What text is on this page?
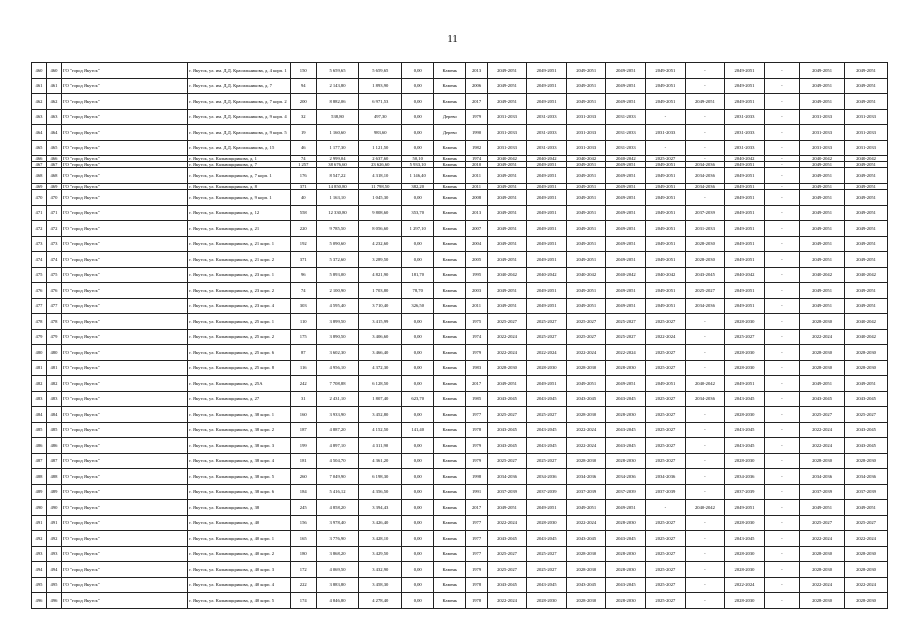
11
460	460	ГО "город Якутск"	г. Якутск, ул. им. Д.Д. Красильникова, д. 4 корп. 1	150	5 659,65	5 659,65	0,00	Камень	2013	2049-2051	2049-2051	2049-2051	2049-2051	2049-2051	-	2049-2051	-	2049-2051	2049-2051
461	461	ГО "город Якутск"	г. Якутск, ул. им. Д.Д. Красильникова, д. 7	94	2 143,80	1 893,90	0,00	Камень	2006	2049-2051	2049-2051	2049-2051	2049-2051	2049-2051	-	2049-2051	-	2049-2051	2049-2051
462	462	ГО "город Якутск"	г. Якутск, ул. им. Д.Д. Красильникова, д. 7 корп. 2	200	8 882,06	6 971,53	0,00	Камень	2017	2049-2051	2049-2051	2049-2051	2049-2051	2049-2051	2049-2051	2049-2051	-	2049-2051	2049-2051
463	463	ГО "город Якутск"	г. Якутск, ул. им. Д.Д. Красильникова, д. 9 корп. 4	32	538,80	497,30	0,00	Дерево	1979	2031-2033	2031-2033	2031-2033	2031-2033	-	-	2031-2033	-	2031-2033	2031-2033
464	464	ГО "город Якутск"	г. Якутск, ул. им. Д.Д. Красильникова, д. 9 корп. 5	19	1 160,60	983,60	0,00	Дерево	1990	2031-2033	2031-2033	2031-2033	2031-2033	2031-2033	-	2031-2033	-	2031-2033	2031-2033
465	465	ГО "город Якутск"	г. Якутск, ул. им. Д.Д. Красильникова, д. 15	46	1 177,30	1 121,50	0,00	Камень	1982	2031-2033	2031-2033	2031-2033	2031-2033	-	-	2031-2033	-	2031-2033	2031-2033
466	466	ГО "город Якутск"	г. Якутск, ул. Кальвицкрикова, д. 1	74	2 999,04	2 637,60	50,10	Камень	1974	2040-2042	2040-2042	2040-2042	2040-2042	2025-2027	-	2040-2042	-	2040-2042	2040-2042
467	467	ГО "город Якутск"	г. Якутск, ул. Кальвицкрикова, д. 7	1 257	38 676,60	23 626,60	5 933,10	Камень	2010	2049-2051	2049-2051	2049-2051	2049-2051	2049-2051	2034-2036	2049-2051	-	2049-2051	2049-2051
468	468	ГО "город Якутск"	г. Якутск, ул. Кальвицкрикова, д. 7 корп. 1	176	8 547,22	4 318,10	1 146,40	Камень	2011	2049-2051	2049-2051	2049-2051	2049-2051	2049-2051	2034-2036	2049-2051	-	2049-2051	2049-2051
469	469	ГО "город Якутск"	г. Якутск, ул. Кальвицкрикова, д. 8	371	14 850,80	11 798,50	382,20	Камень	2011	2049-2051	2049-2051	2049-2051	2049-2051	2049-2051	2034-2036	2049-2051	-	2049-2051	2049-2051
470	470	ГО "город Якутск"	г. Якутск, ул. Кальвицкрикова, д. 9 корп. 1	40	1 163,10	1 045,30	0,00	Камень	2008	2049-2051	2049-2051	2049-2051	2049-2051	2049-2051	-	2049-2051	-	2049-2051	2049-2051
471	471	ГО "город Якутск"	г. Якутск, ул. Кальвицкрикова, д. 12	558	12 330,80	9 808,60	353,70	Камень	2013	2049-2051	2049-2051	2049-2051	2049-2051	2049-2051	2037-2039	2049-2051	-	2049-2051	2049-2051
472	472	ГО "город Якутск"	г. Якутск, ул. Кальвицкрикова, д. 21	220	9 785,50	8 056,60	1 297,10	Камень	2007	2049-2051	2049-2051	2049-2051	2049-2051	2049-2051	2031-2033	2049-2051	-	2049-2051	2049-2051
473	473	ГО "город Якутск"	г. Якутск, ул. Кальвицкрикова, д. 21 корп. 1	192	5 090,60	4 232,60	0,00	Камень	2004	2049-2051	2049-2051	2049-2051	2049-2051	2049-2051	2028-2030	2049-2051	-	2049-2051	2049-2051
474	474	ГО "город Якутск"	г. Якутск, ул. Кальвицкрикова, д. 21 корп. 2	371	5 372,60	3 289,50	0,00	Камень	2005	2049-2051	2049-2051	2049-2051	2049-2051	2049-2051	2028-2030	2049-2051	-	2049-2051	2049-2051
475	475	ГО "город Якутск"	г. Якутск, ул. Кальвицкрикова, д. 23 корп. 1	96	5 893,00	4 821,90	181,70	Камень	1995	2040-2042	2040-2042	2040-2042	2040-2042	2040-2042	2043-2045	2040-2042	-	2040-2042	2040-2042
476	476	ГО "город Якутск"	г. Якутск, ул. Кальвицкрикова, д. 23 корп. 2	74	2 100,90	1 703,80	78,70	Камень	2003	2049-2051	2049-2051	2049-2051	2049-2051	2049-2051	2025-2027	2049-2051	-	2049-2051	2049-2051
477	477	ГО "город Якутск"	г. Якутск, ул. Кальвицкрикова, д. 23 корп. 4	303	4 595,40	3 710,40	326,50	Камень	2011	2049-2051	2049-2051	2049-2051	2049-2051	2049-2051	2034-2036	2049-2051	-	2049-2051	2049-2051
478	478	ГО "город Якутск"	г. Якутск, ул. Кальвицкрикова, д. 25 корп. 1	110	3 899,50	3 415,99	0,00	Камень	1975	2025-2027	2025-2027	2025-2027	2025-2027	2025-2027	-	2028-2030	-	2028-2030	2040-2042
479	479	ГО "город Якутск"	г. Якутск, ул. Кальвицкрикова, д. 25 корп. 2	175	3 890,50	3 406,60	0,00	Камень	1974	2022-2024	2025-2027	2025-2027	2025-2027	2022-2024	-	2025-2027	-	2022-2024	2040-2042
480	480	ГО "город Якутск"	г. Якутск, ул. Кальвицкрикова, д. 25 корп. 6	87	3 602,30	3 466,40	0,00	Камень	1979	2022-2024	2022-2024	2022-2024	2022-2024	2025-2027	-	2028-2030	-	2028-2030	2028-2030
481	481	ГО "город Якутск"	г. Якутск, ул. Кальвицкрикова, д. 25 корп. 8	116	4 956,10	4 372,30	0,00	Камень	1983	2028-2030	2028-2030	2028-2030	2028-2030	2025-2027	-	2028-2030	-	2028-2030	2028-2030
482	482	ГО "город Якутск"	г. Якутск, ул. Кальвицкрикова, д. 25А	242	7 708,88	6 128,50	0,00	Камень	2017	2049-2051	2049-2051	2049-2051	2049-2051	2049-2051	2040-2042	2049-2051	-	2049-2051	2049-2051
483	483	ГО "город Якутск"	г. Якутск, ул. Кальвицкрикова, д. 27	31	2 431,10	1 807,40	623,70	Камень	1985	2043-2045	2043-2045	2043-2045	2043-2045	2025-2027	2034-2036	2043-2045	-	2043-2045	2043-2045
484	484	ГО "город Якутск"	г. Якутск, ул. Кальвицкрикова, д. 38 корп. 1	160	3 933,90	3 452,80	0,00	Камень	1977	2025-2027	2025-2027	2028-2030	2028-2030	2025-2027	-	2028-2030	-	2025-2027	2025-2027
485	485	ГО "город Якутск"	г. Якутск, ул. Кальвицкрикова, д. 38 корп. 2	187	4 887,20	4 152,50	141,40	Камень	1978	2043-2045	2043-2045	2022-2024	2043-2045	2025-2027	-	2043-2045	-	2022-2024	2043-2045
486	486	ГО "город Якутск"	г. Якутск, ул. Кальвицкрикова, д. 38 корп. 3	199	4 897,10	4 311,90	0,00	Камень	1979	2043-2045	2043-2045	2022-2024	2043-2045	2025-2027	-	2043-2045	-	2022-2024	2043-2045
487	487	ГО "город Якутск"	г. Якутск, ул. Кальвицкрикова, д. 38 корп. 4	181	4 504,70	4 361,20	0,00	Камень	1979	2025-2027	2025-2027	2028-2030	2028-2030	2025-2027	-	2028-2030	-	2028-2030	2028-2030
488	488	ГО "город Якутск"	г. Якутск, ул. Кальвицкрикова, д. 38 корп. 5	260	7 049,90	6 198,30	0,00	Камень	1998	2034-2036	2034-2036	2034-2036	2034-2036	2034-2036	-	2034-2036	-	2034-2036	2034-2036
489	489	ГО "город Якутск"	г. Якутск, ул. Кальвицкрикова, д. 38 корп. 6	184	5 416,12	4 356,50	0,00	Камень	1991	2037-2039	2037-2039	2037-2039	2037-2039	2037-2039	-	2037-2039	-	2037-2039	2037-2039
490	490	ГО "город Якутск"	г. Якутск, ул. Кальвицкрикова, д. 38	245	4 858,20	3 394,43	0,00	Камень	2017	2049-2051	2049-2051	2049-2051	2049-2051	-	2040-2042	2049-2051	-	2049-2051	2049-2051
491	491	ГО "город Якутск"	г. Якутск, ул. Кальвицкрикова, д. 40	156	3 978,40	3 426,40	0,00	Камень	1977	2022-2024	2028-2030	2022-2024	2028-2030	2025-2027	-	2028-2030	-	2025-2027	2025-2027
492	492	ГО "город Якутск"	г. Якутск, ул. Кальвицкрикова, д. 40 корп. 1	165	3 776,90	3 428,10	0,00	Камень	1977	2043-2045	2043-2045	2043-2045	2043-2045	2025-2027	-	2043-2045	-	2022-2024	2022-2024
493	493	ГО "город Якутск"	г. Якутск, ул. Кальвицкрикова, д. 40 корп. 2	180	3 868,20	3 429,50	0,00	Камень	1977	2025-2027	2025-2027	2028-2030	2028-2030	2025-2027	-	2028-2030	-	2028-2030	2028-2030
494	494	ГО "город Якутск"	г. Якутск, ул. Кальвицкрикова, д. 40 корп. 3	172	4 069,50	3 432,90	0,00	Камень	1979	2025-2027	2025-2027	2028-2030	2028-2030	2025-2027	-	2028-2030	-	2028-2030	2028-2030
495	495	ГО "город Якутск"	г. Якутск, ул. Кальвицкрикова, д. 40 корп. 4	222	3 883,80	3 458,30	0,00	Камень	1978	2043-2045	2043-2045	2043-2045	2043-2045	2025-2027	-	2022-2024	-	2022-2024	2022-2024
496	496	ГО "город Якутск"	г. Якутск, ул. Кальвицкрикова, д. 40 корп. 5	174	4 846,80	4 278,40	0,00	Камень	1978	2022-2024	2028-2030	2028-2030	2028-2030	2025-2027	-	2028-2030	-	2028-2030	2028-2030
